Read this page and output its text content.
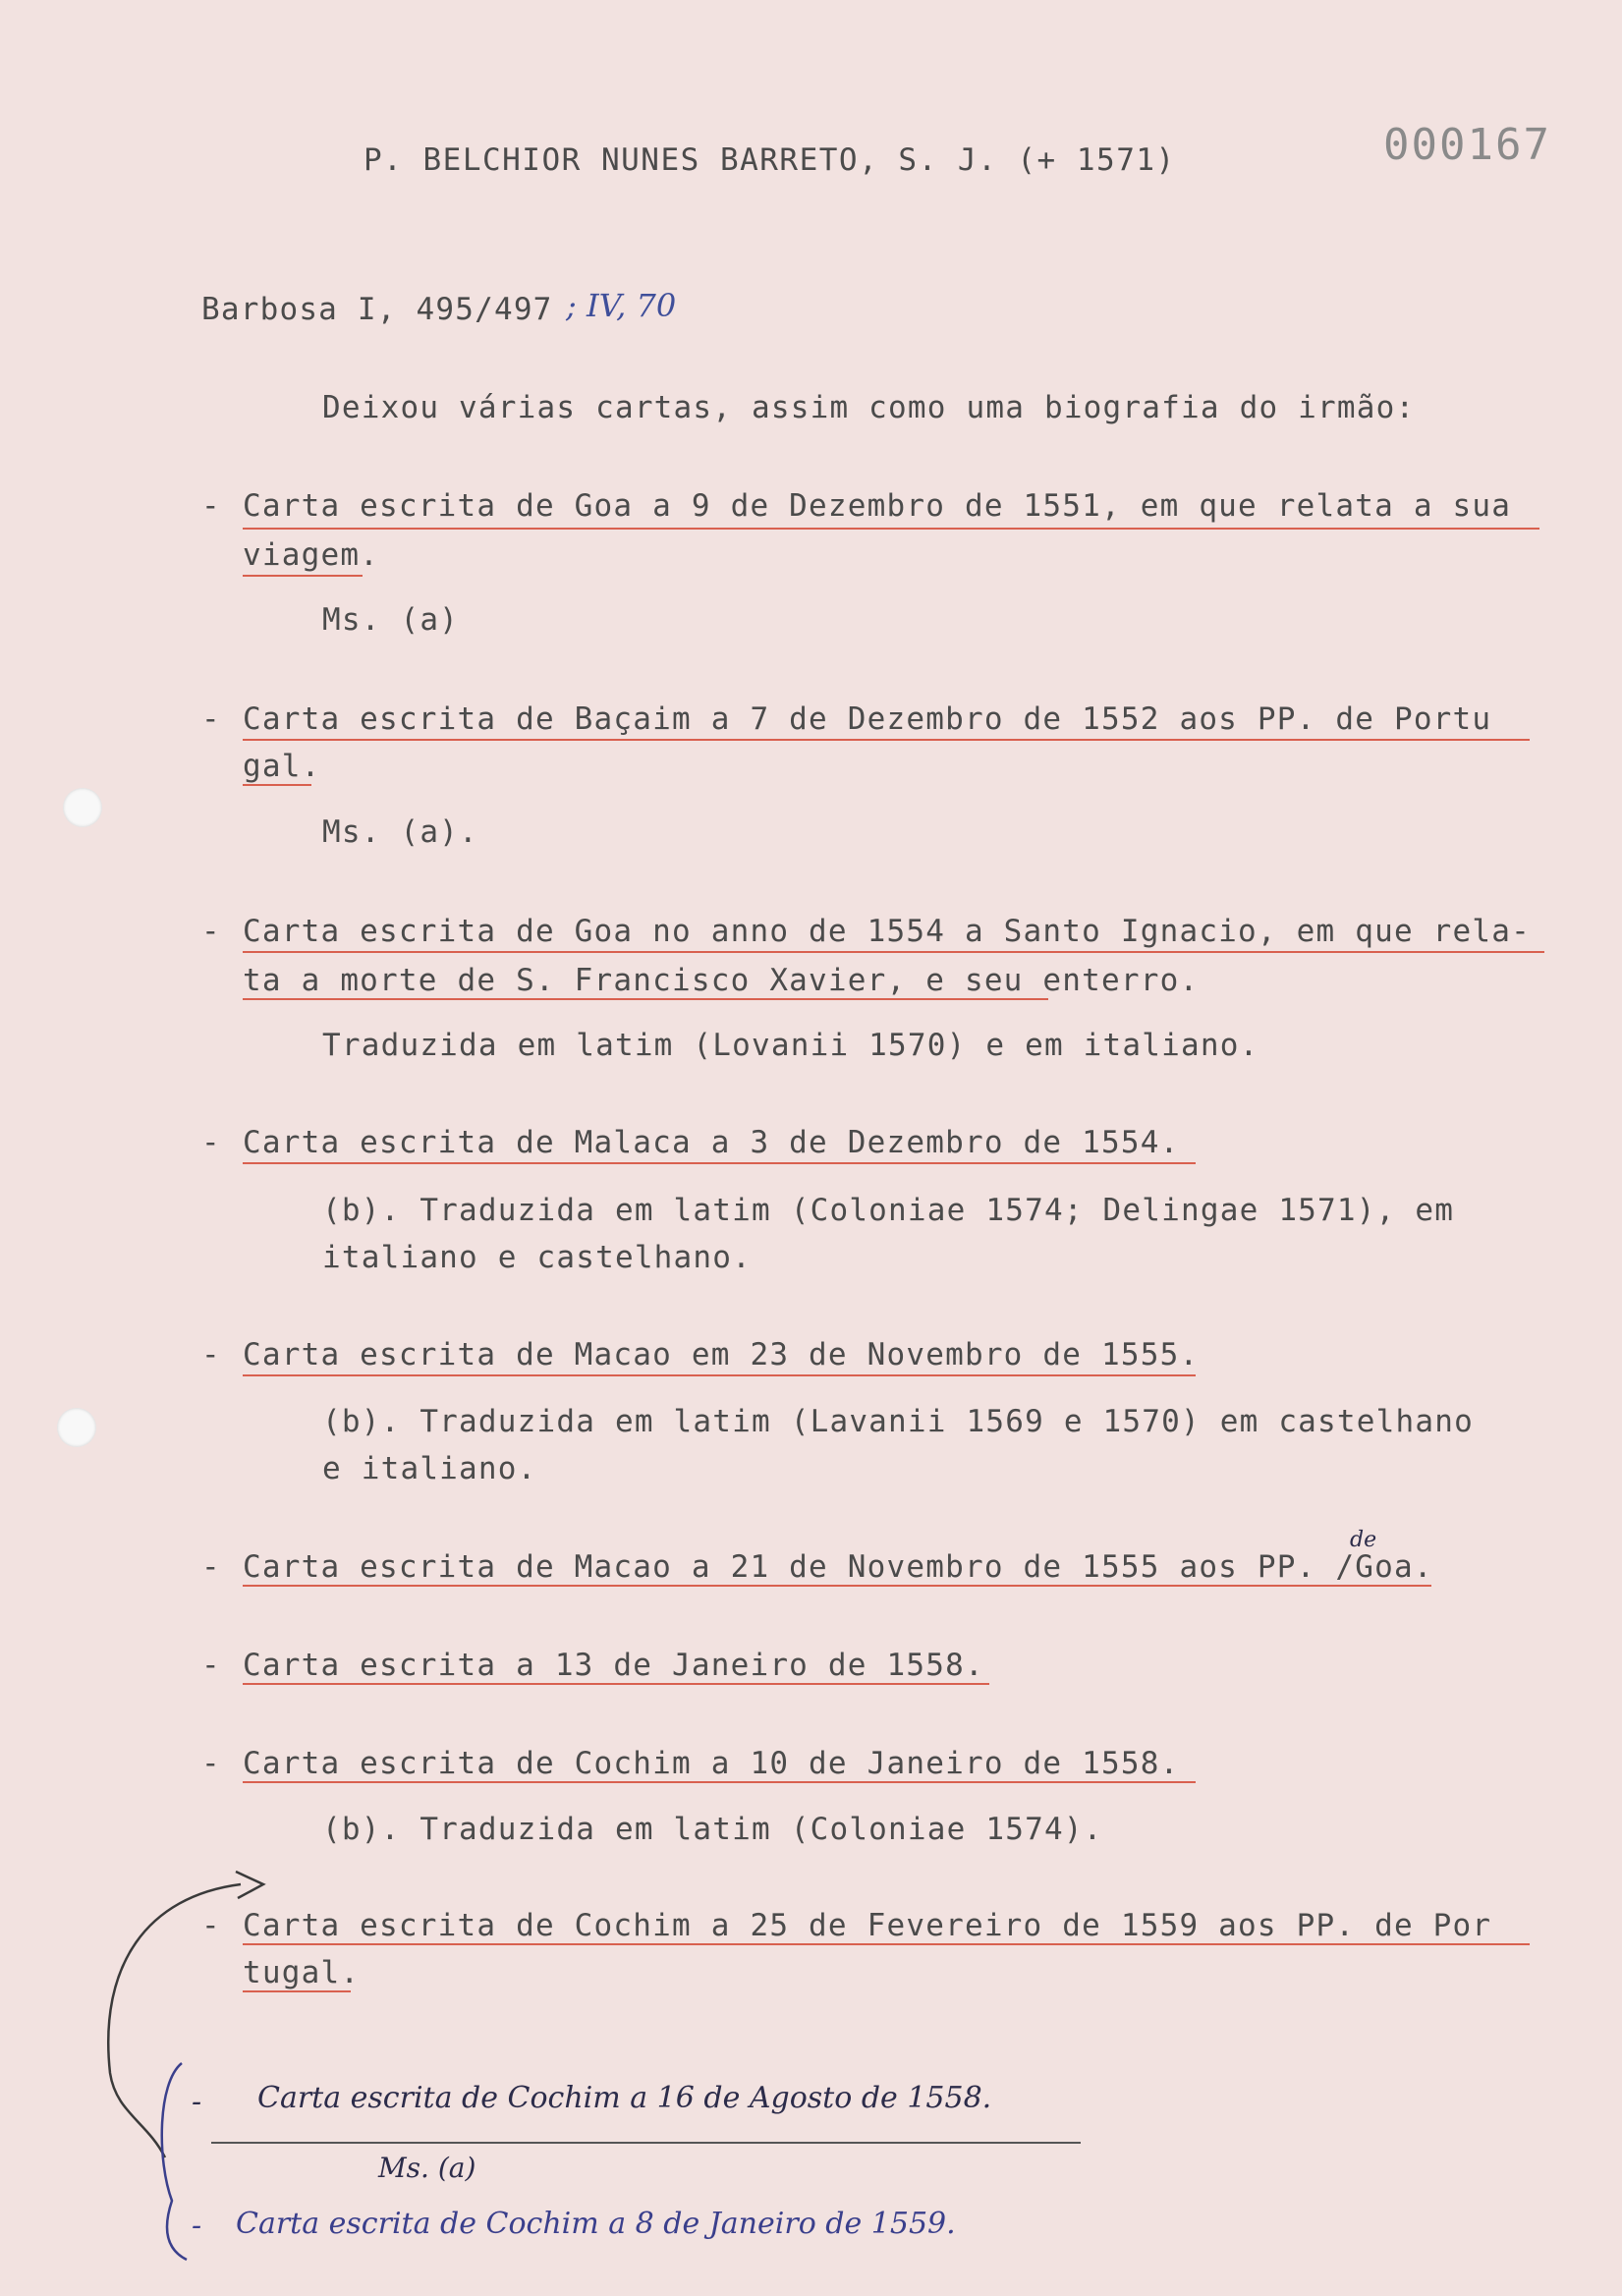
P. BELCHIOR NUNES BARRETO, S. J. (+ 1571)	000167
Barbosa I, 495/497 ; IV, 70
Deixou várias cartas, assim como uma biografia do irmão:
- Carta escrita de Goa a 9 de Dezembro de 1551, em que relata a sua
viagem.
Ms. (a)
- Carta escrita de Baçaim a 7 de Dezembro de 1552 aos PP. de Portu
gal.
Ms. (a).
- Carta escrita de Goa no anno de 1554 a Santo Ignacio, em que rela-
ta a morte de S. Francisco Xavier, e seu enterro.
Traduzida em latim (Lovanii 1570) e em italiano.
- Carta escrita de Malaca a 3 de Dezembro de 1554.
(b). Traduzida em latim (Coloniae 1574; Delingae 1571), em
italiano e castelhano.
- Carta escrita de Macao em 23 de Novembro de 1555.
(b). Traduzida em latim (Lavanii 1569 e 1570) em castelhano
e italiano.
- Carta escrita de Macao a 21 de Novembro de 1555 aos PP. /Goa.
de
- Carta escrita a 13 de Janeiro de 1558.
- Carta escrita de Cochim a 10 de Janeiro de 1558.
(b). Traduzida em latim (Coloniae 1574).
- Carta escrita de Cochim a 25 de Fevereiro de 1559 aos PP. de Por
tugal.
- Carta escrita de Cochim a 16 de Agosto de 1558.
Ms. (a)
- Carta escrita de Cochim a 8 de Janeiro de 1559.
